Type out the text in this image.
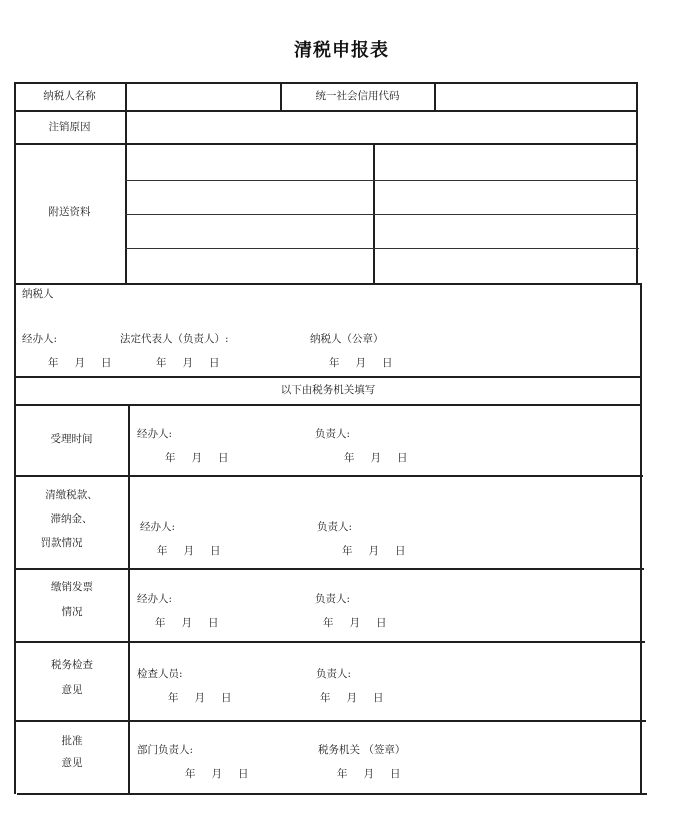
清税申报表
纳税人名称	统一社会信用代码
注销原因
附送资料
纳税人
经办人:	法定代表人（负责人）:	纳税人（公章）
年 月 日	年 月 日	年 月 日
以下由税务机关填写
受理时间	经办人:	负责人:
年 月 日	年 月 日
清缴税款、
滞纳金、
罚款情况
经办人:	负责人:
年 月 日	年 月 日
缴销发票
情况
经办人:	负责人:
年 月 日	年 月 日
税务检查
意见
检查人员:	负责人:
年 月 日	年 月 日
批准
意见
部门负责人:	税务机关 （签章）
年 月 日	年 月 日
